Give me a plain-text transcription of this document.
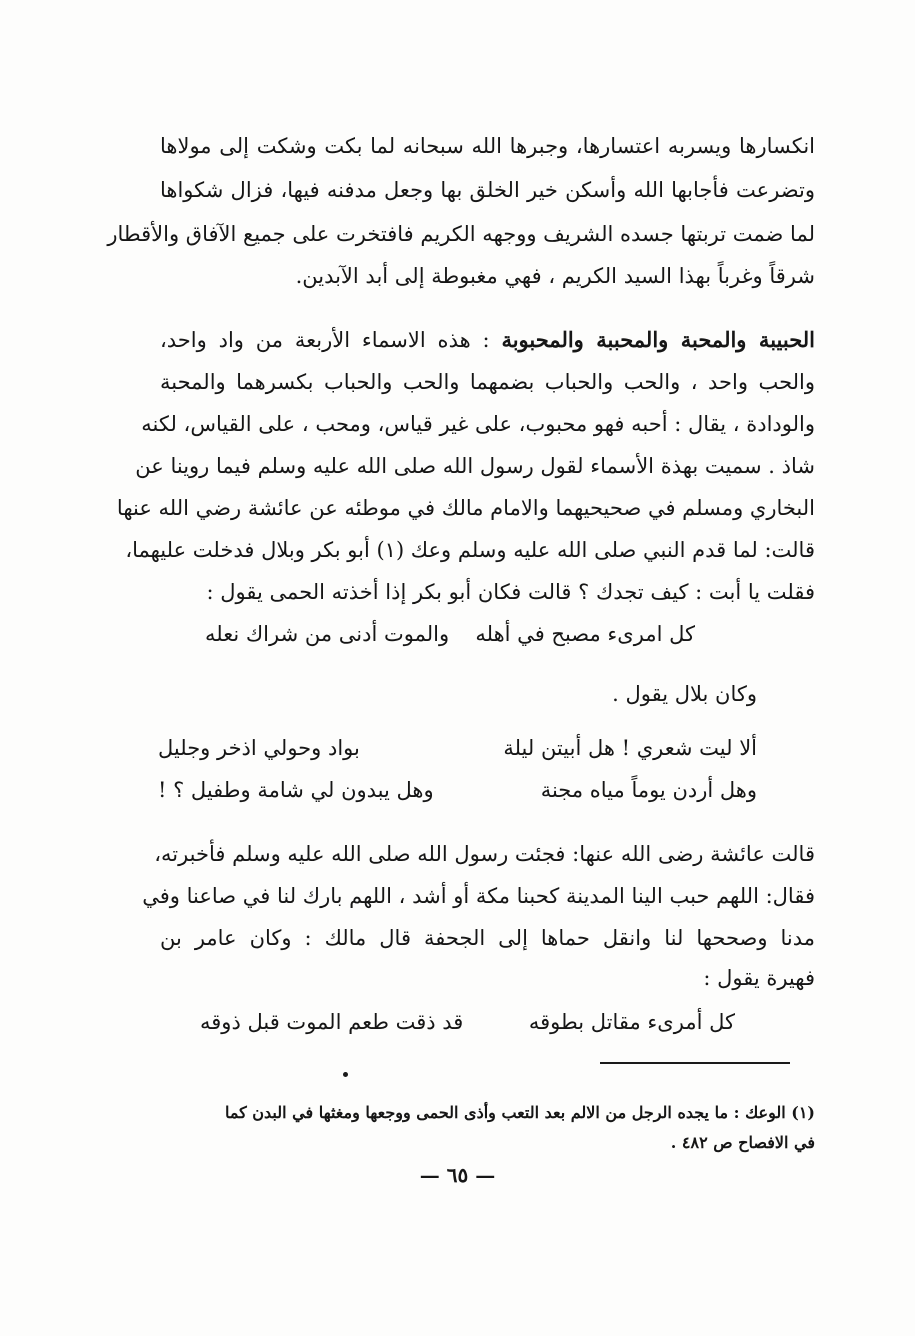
انكسارها ويسربه اعتسارها، وجبرها الله سبحانه لما بكت وشكت إلى مولاها
وتضرعت فأجابها الله وأسكن خير الخلق بها وجعل مدفنه فيها، فزال شكواها
لما ضمت تربتها جسده الشريف ووجهه الكريم فافتخرت على جميع الآفاق والأقطار
شرقاً وغرباً بهذا السيد الكريم ، فهي مغبوطة إلى أبد الآبدين.
الحبيبة والمحبة والمحببة والمحبوبة : هذه الاسماء الأربعة من واد واحد،
والحب واحد ، والحب والحباب بضمهما والحب والحباب بكسرهما والمحبة
والودادة ، يقال : أحبه فهو محبوب، على غير قياس، ومحب ، على القياس، لكنه
شاذ . سميت بهذة الأسماء لقول رسول الله صلى الله عليه وسلم فيما روينا عن
البخاري ومسلم في صحيحيهما والامام مالك في موطئه عن عائشة رضي الله عنها
قالت: لما قدم النبي صلى الله عليه وسلم وعك (١) أبو بكر وبلال فدخلت عليهما،
فقلت يا أبت : كيف تجدك ؟ قالت فكان أبو بكر إذا أخذته الحمى يقول :
كل امرىء مصبح في أهله
والموت أدنى من شراك نعله
وكان بلال يقول .
ألا ليت شعري ! هل أبيتن ليلة
بواد وحولي اذخر وجليل
وهل أردن يوماً مياه مجنة
وهل يبدون لي شامة وطفيل ؟ !
قالت عائشة رضى الله عنها: فجئت رسول الله صلى الله عليه وسلم فأخبرته،
فقال: اللهم حبب الينا المدينة كحبنا مكة أو أشد ، اللهم بارك لنا في صاعنا وفي
مدنا وصححها لنا وانقل حماها إلى الجحفة قال مالك : وكان عامر بن
فهيرة يقول :
كل أمرىء مقاتل بطوقه
قد ذقت طعم الموت قبل ذوقه
(١) الوعك : ما يجده الرجل من الالم بعد التعب وأذى الحمى ووجعها ومغثها في البدن كما
في الافصاح ص ٤٨٢ .
— ٦٥ —
